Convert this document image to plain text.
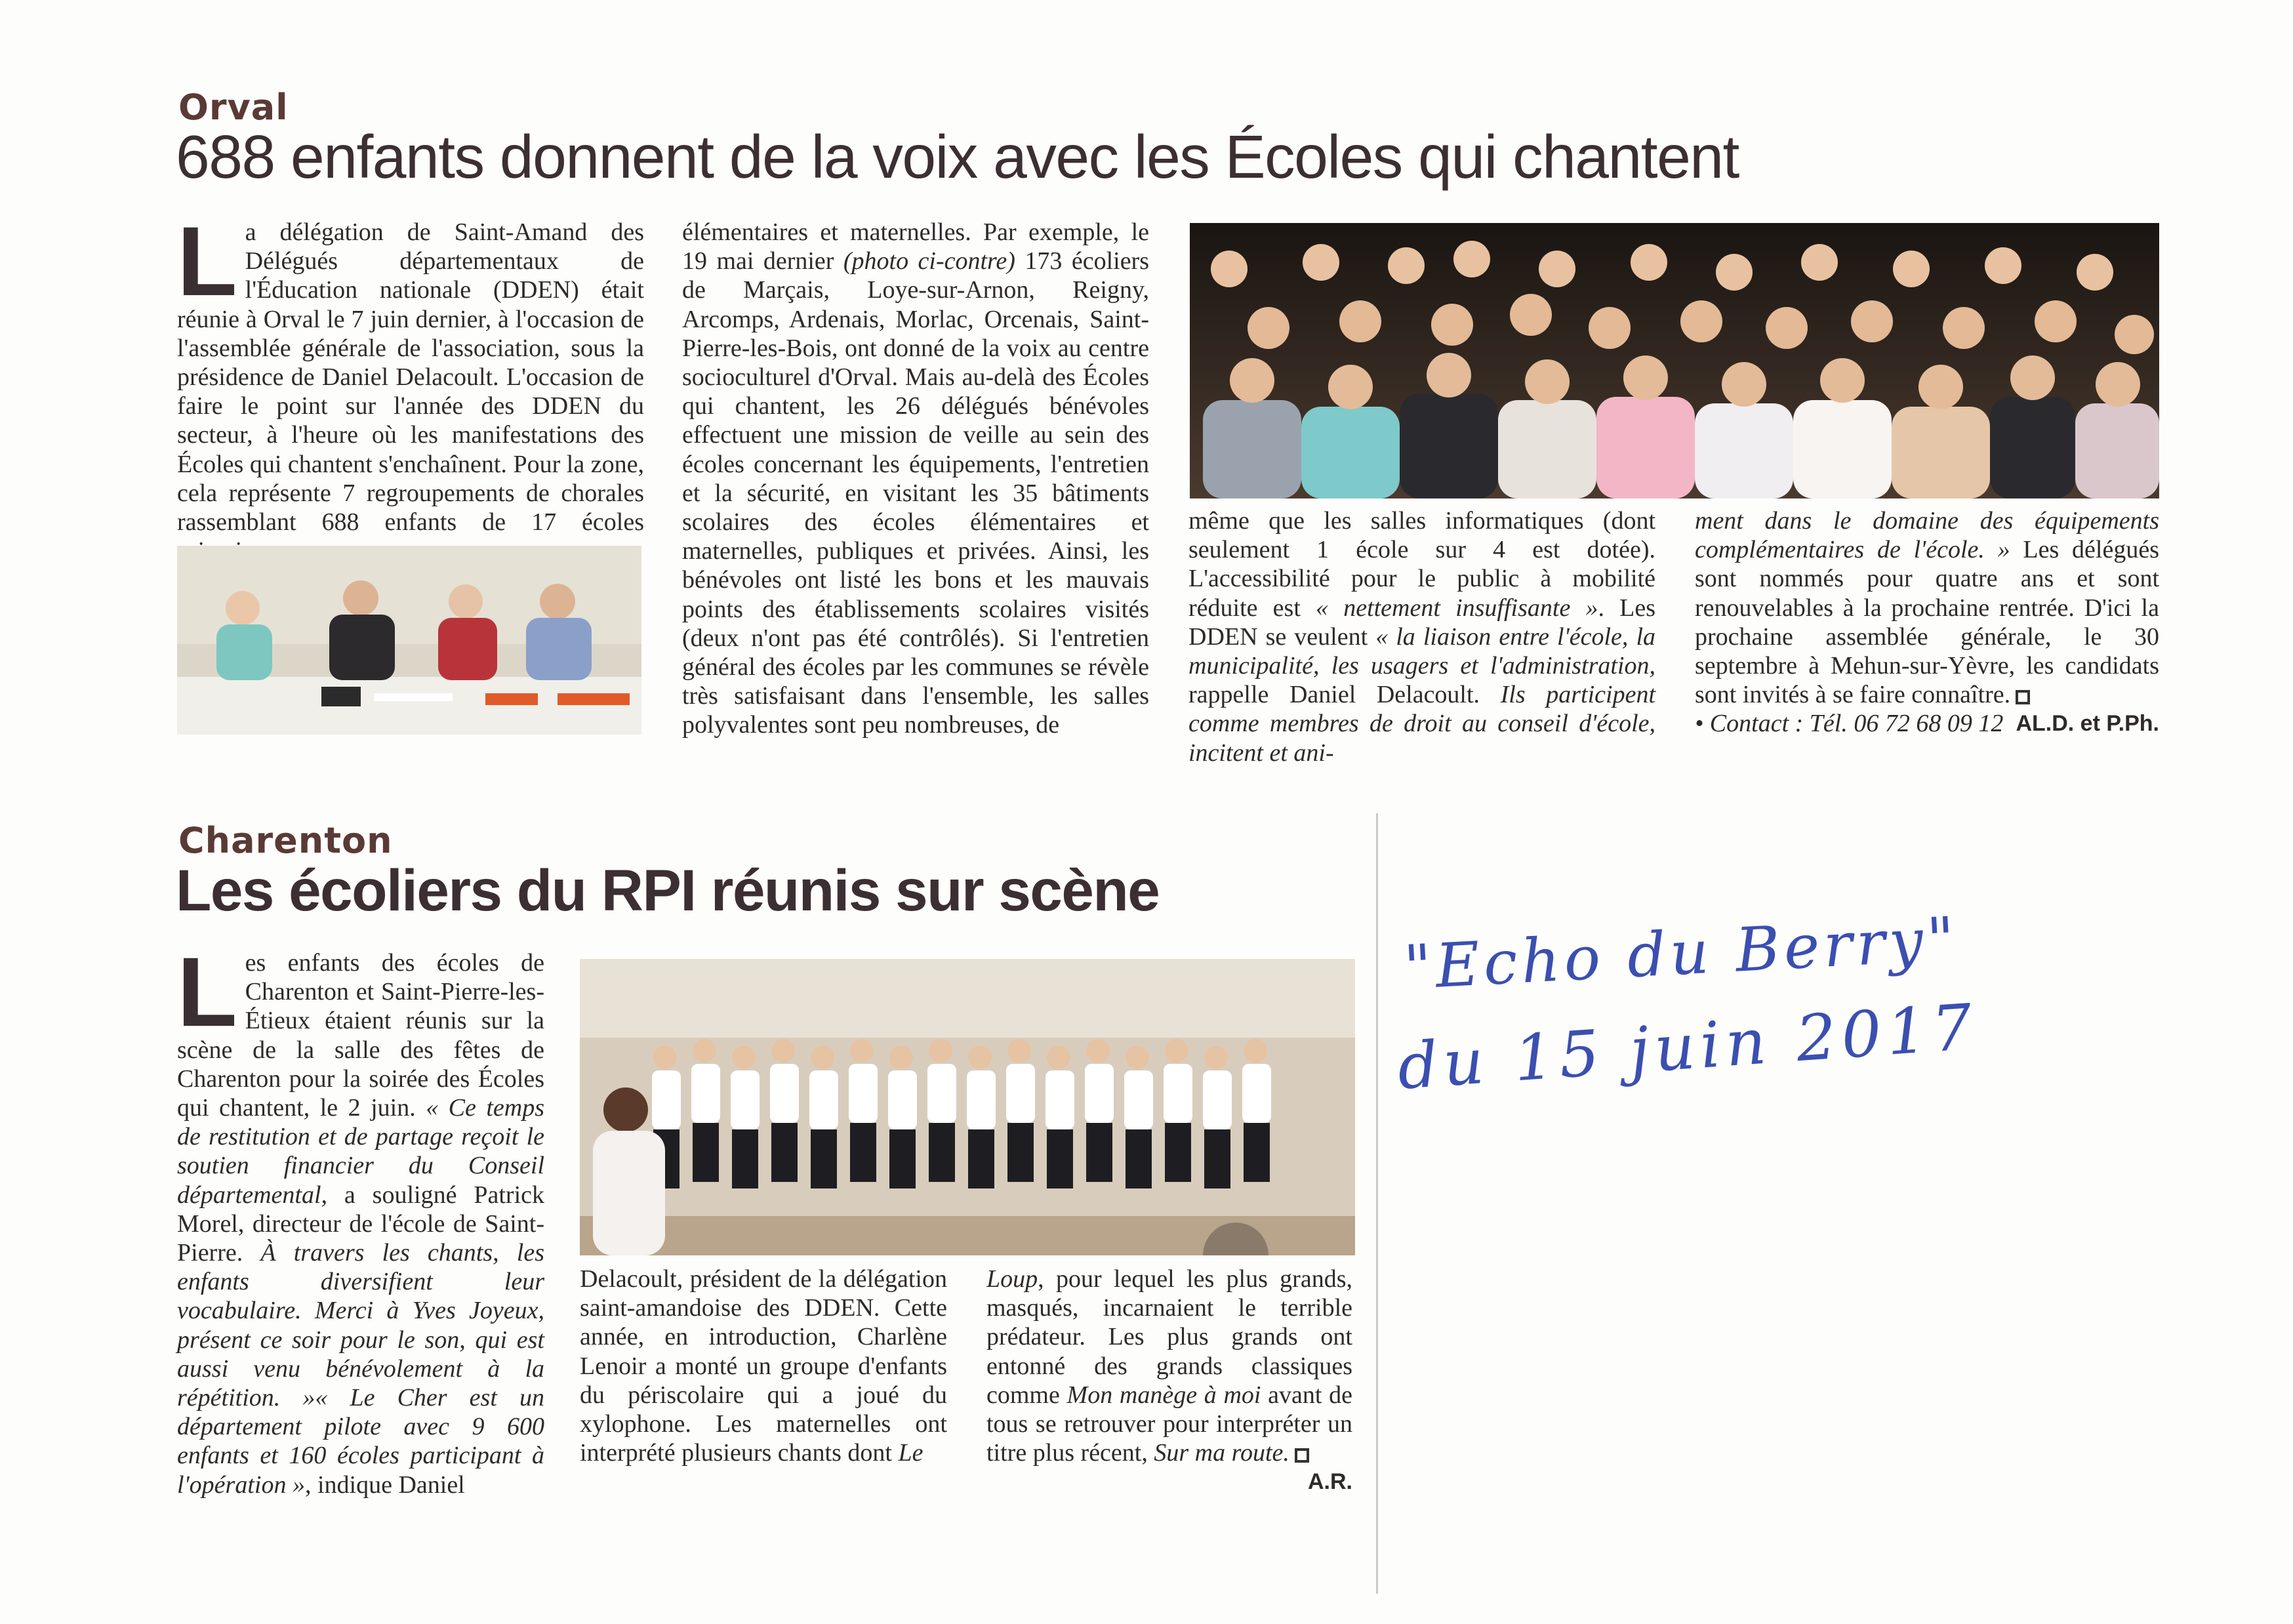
Orval
688 enfants donnent de la voix avec les Écoles qui chantent
L a délégation de Saint-Amand des Délégués départementaux de l'Éducation nationale (DDEN) était réunie à Orval le 7 juin dernier, à l'occasion de l'assemblée générale de l'association, sous la présidence de Daniel Delacoult. L'occasion de faire le point sur l'année des DDEN du secteur, à l'heure où les manifestations des Écoles qui chantent s'enchaînent. Pour la zone, cela représente 7 regroupements de chorales rassemblant 688 enfants de 17 écoles
élémentaires et maternelles. Par exemple, le 19 mai dernier (photo ci-contre) 173 écoliers de Marçais, Loye-sur-Arnon, Reigny, Arcomps, Ardenais, Morlac, Orcenais, Saint-Pierre-les-Bois, ont donné de la voix au centre socioculturel d'Orval. Mais au-delà des Écoles qui chantent, les 26 délégués bénévoles effectuent une mission de veille au sein des écoles concernant les équipements, l'entretien et la sécurité, en visitant les 35 bâtiments scolaires des écoles élémentaires et maternelles, publiques et privées. Ainsi, les bénévoles ont listé les bons et les mauvais points des établissements scolaires visités (deux n'ont pas été contrôlés). Si l'entretien général des écoles par les communes se révèle très satisfaisant dans l'ensemble, les salles polyvalentes sont peu nombreuses, de
même que les salles informatiques (dont seulement 1 école sur 4 est dotée). L'accessibilité pour le public à mobilité réduite est « nettement insuffisante ». Les DDEN se veulent « la liaison entre l'école, la municipalité, les usagers et l'administration, rappelle Daniel Delacoult. Ils participent comme membres de droit au conseil d'école, incitent et ani-
ment dans le domaine des équipements complémentaires de l'école. » Les délégués sont nommés pour quatre ans et sont renouvelables à la prochaine rentrée. D'ici la prochaine assemblée générale, le 30 septembre à Mehun-sur-Yèvre, les candidats sont invités à se faire connaître.
AL.D. et P.Ph.

• Contact : Tél. 06 72 68 09 12

Charenton
Les écoliers du RPI réunis sur scène
L es enfants des écoles de Charenton et Saint-Pierre-les-Étieux étaient réunis sur la scène de la salle des fêtes de Charenton pour la soirée des Écoles qui chantent, le 2 juin. « Ce temps de restitution et de partage reçoit le soutien financier du Conseil départemental, a souligné Patrick Morel, directeur de l'école de Saint-Pierre. À travers les chants, les enfants diversifient leur vocabulaire. Merci à Yves Joyeux, présent ce soir pour le son, qui est aussi venu bénévolement à la répétition. »« Le Cher est un département pilote avec 9 600 enfants et 160 écoles participant à l'opération », indique Daniel
Delacoult, président de la délégation saint-amandoise des DDEN. Cette année, en introduction, Charlène Lenoir a monté un groupe d'enfants du périscolaire qui a joué du xylophone. Les maternelles ont interprété plusieurs chants dont Le
Loup, pour lequel les plus grands, masqués, incarnaient le terrible prédateur. Les plus grands ont entonné des grands classiques comme Mon manège à moi avant de tous se retrouver pour interpréter un titre plus récent, Sur ma route.
A.R.
"Echo du Berry"
du 15 juin 2017
